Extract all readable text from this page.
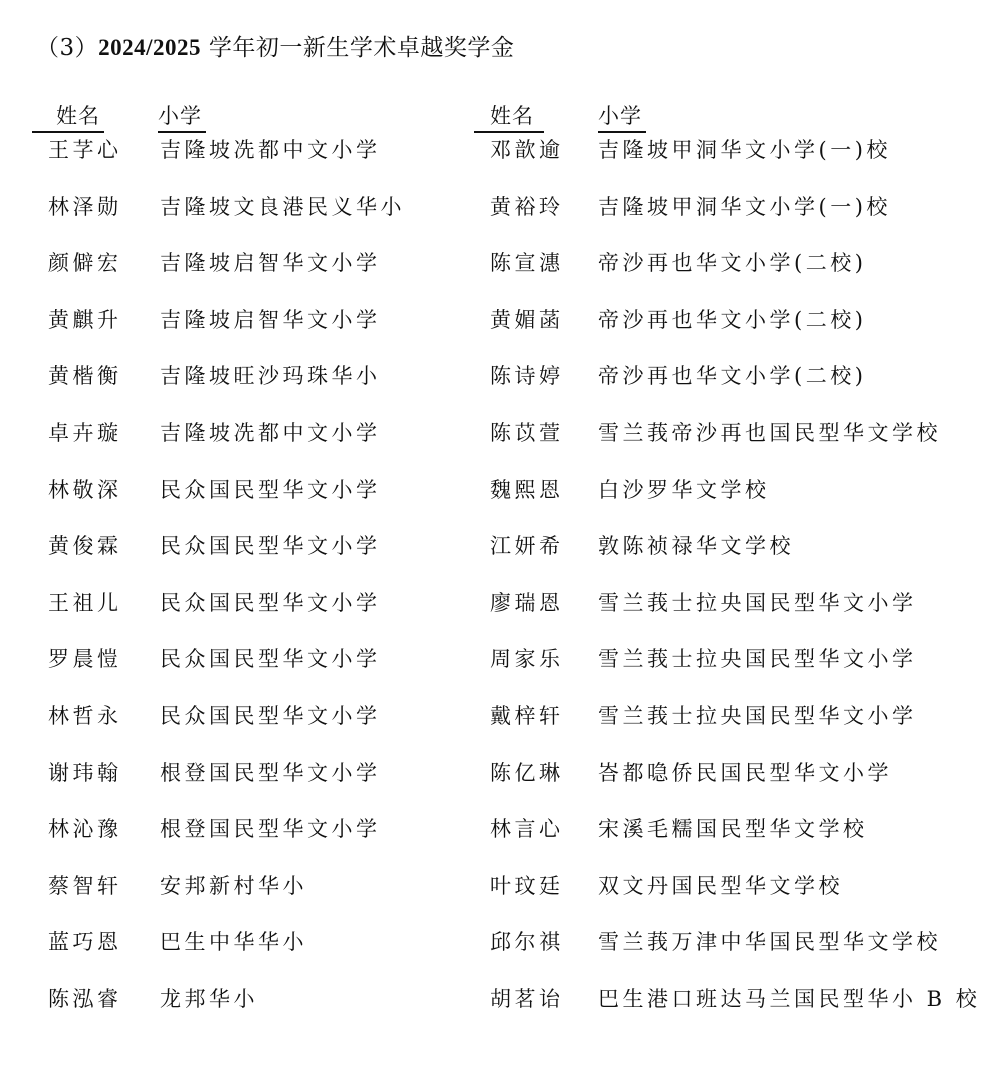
（3）2024/2025 学年初一新生学术卓越奖学金
姓名	小学
王芓心 吉隆坡冼都中文小学
林泽勋 吉隆坡文良港民义华小
颜僻宏 吉隆坡启智华文小学
黄麒升 吉隆坡启智华文小学
黄楷衡 吉隆坡旺沙玛珠华小
卓卉璇 吉隆坡冼都中文小学
林敬深 民众国民型华文小学
黄俊霖 民众国民型华文小学
王祖儿 民众国民型华文小学
罗晨愷 民众国民型华文小学
林哲永 民众国民型华文小学
谢玮翰 根登国民型华文小学
林沁豫 根登国民型华文小学
蔡智轩 安邦新村华小
蓝巧恩 巴生中华华小
陈泓睿 龙邦华小
姓名	小学
邓歆逾 吉隆坡甲洞华文小学(一)校
黄裕玲 吉隆坡甲洞华文小学(一)校
陈宣潓 帝沙再也华文小学(二校)
黄媚菡 帝沙再也华文小学(二校)
陈诗婷 帝沙再也华文小学(二校)
陈苡萱 雪兰莪帝沙再也国民型华文学校
魏熙恩 白沙罗华文学校
江妍希 敦陈祯禄华文学校
廖瑞恩 雪兰莪士拉央国民型华文小学
周家乐 雪兰莪士拉央国民型华文小学
戴梓轩 雪兰莪士拉央国民型华文小学
陈亿琳 峇都喼侨民国民型华文小学
林言心 宋溪毛糯国民型华文学校
叶玟廷 双文丹国民型华文学校
邱尔祺 雪兰莪万津中华国民型华文学校
胡茗诒 巴生港口班达马兰国民型华小 B 校
